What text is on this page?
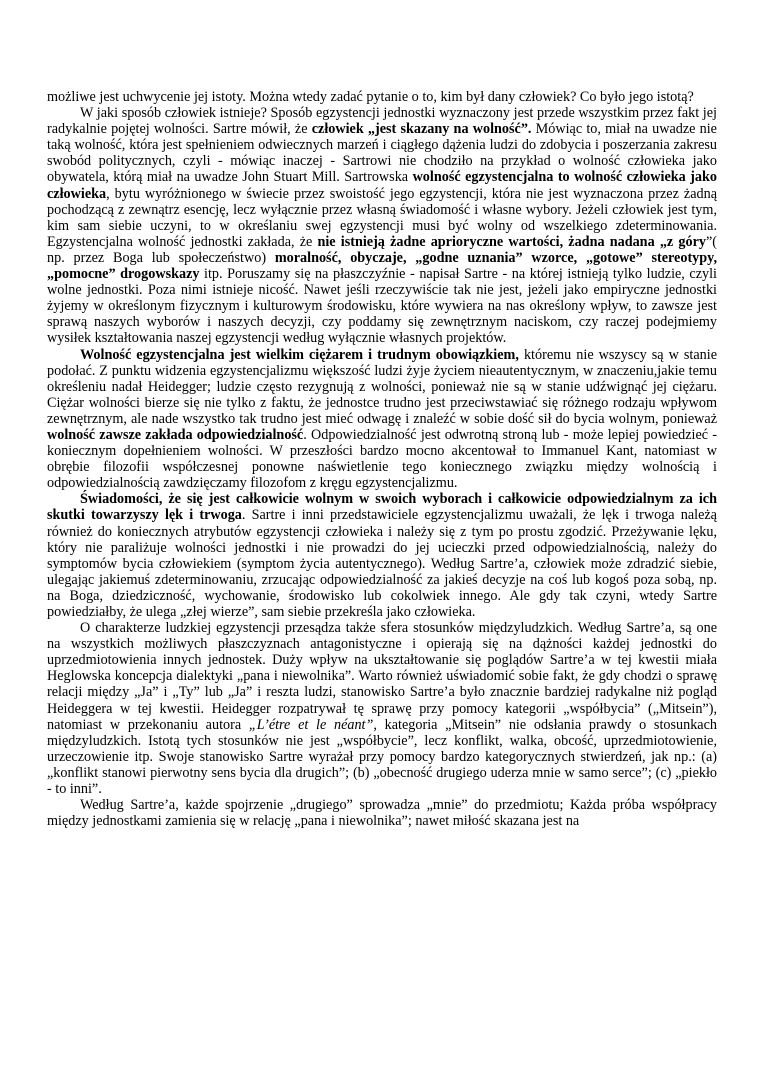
możliwe jest uchwycenie jej istoty. Można wtedy zadać pytanie o to, kim był dany człowiek? Co było jego istotą?

W jaki sposób człowiek istnieje? Sposób egzystencji jednostki wyznaczony jest przede wszystkim przez fakt jej radykalnie pojętej wolności. Sartre mówił, że człowiek „jest skazany na wolność”. Mówiąc to, miał na uwadze nie taką wolność, która jest spełnieniem odwiecznych marzeń i ciągłego dążenia ludzi do zdobycia i poszerzania zakresu swobód politycznych, czyli - mówiąc inaczej - Sartrowi nie chodziło na przykład o wolność człowieka jako obywatela, którą miał na uwadze John Stuart Mill. Sartrowska wolność egzystencjalna to wolność człowieka jako człowieka, bytu wyróżnionego w świecie przez swoistość jego egzystencji, która nie jest wyznaczona przez żadną pochodzącą z zewnątrz esencję, lecz wyłącznie przez własną świadomość i własne wybory. Jeżeli człowiek jest tym, kim sam siebie uczyni, to w określaniu swej egzystencji musi być wolny od wszelkiego zdeterminowania. Egzystencjalna wolność jednostki zakłada, że nie istnieją żadne aprioryczne wartości, żadna nadana „z góry”( np. przez Boga lub społeczeństwo) moralność, obyczaje, „godne uznania” wzorce, „gotowe” stereotypy, „pomocne” drogowskazy itp. Poruszamy się na płaszczyźnie - napisał Sartre - na której istnieją tylko ludzie, czyli wolne jednostki. Poza nimi istnieje nicość. Nawet jeśli rzeczywiście tak nie jest, jeżeli jako empiryczne jednostki żyjemy w określonym fizycznym i kulturowym środowisku, które wywiera na nas określony wpływ, to zawsze jest sprawą naszych wyborów i naszych decyzji, czy poddamy się zewnętrznym naciskom, czy raczej podejmiemy wysiłek kształtowania naszej egzystencji według wyłącznie własnych projektów.

Wolność egzystencjalna jest wielkim ciężarem i trudnym obowiązkiem, któremu nie wszyscy są w stanie podołać. Z punktu widzenia egzystencjalizmu większość ludzi żyje życiem nieautentycznym, w znaczeniu,jakie temu określeniu nadał Heidegger; ludzie często rezygnują z wolności, ponieważ nie są w stanie udźwignąć jej ciężaru. Ciężar wolności bierze się nie tylko z faktu, że jednostce trudno jest przeciwstawiać się różnego rodzaju wpływom zewnętrznym, ale nade wszystko tak trudno jest mieć odwagę i znaleźć w sobie dość sił do bycia wolnym, ponieważ wolność zawsze zakłada odpowiedzialność. Odpowiedzialność jest odwrotną stroną lub - może lepiej powiedzieć - koniecznym dopełnieniem wolności. W przeszłości bardzo mocno akcentował to Immanuel Kant, natomiast w obrębie filozofii współczesnej ponowne naświetlenie tego koniecznego związku między wolnością i odpowiedzialnością zawdzięczamy filozofom z kręgu egzystencjalizmu.

Świadomości, że się jest całkowicie wolnym w swoich wyborach i całkowicie odpowiedzialnym za ich skutki towarzyszy lęk i trwoga. Sartre i inni przedstawiciele egzystencjalizmu uważali, że lęk i trwoga należą również do koniecznych atrybutów egzystencji człowieka i należy się z tym po prostu zgodzić. Przeżywanie lęku, który nie paraliżuje wolności jednostki i nie prowadzi do jej ucieczki przed odpowiedzialnością, należy do symptomów bycia człowiekiem (symptom życia autentycznego). Według Sartre’a, człowiek może zdradzić siebie, ulegając jakiemuś zdeterminowaniu, zrzucając odpowiedzialność za jakieś decyzje na coś lub kogoś poza sobą, np. na Boga, dziedziczność, wychowanie, środowisko lub cokolwiek innego. Ale gdy tak czyni, wtedy Sartre powiedziałby, że ulega „złej wierze”, sam siebie przekreśla jako człowieka.

O charakterze ludzkiej egzystencji przesądza także sfera stosunków międzyludzkich. Według Sartre’a, są one na wszystkich możliwych płaszczyznach antagonistyczne i opierają się na dążności każdej jednostki do uprzedmiotowienia innych jednostek. Duży wpływ na ukształtowanie się poglądów Sartre’a w tej kwestii miała Heglowska koncepcja dialektyki „pana i niewolnika”. Warto również uświadomić sobie fakt, że gdy chodzi o sprawę relacji między „Ja” i „Ty” lub „Ja” i reszta ludzi, stanowisko Sartre’a było znacznie bardziej radykalne niż pogląd Heideggera w tej kwestii. Heidegger rozpatrywał tę sprawę przy pomocy kategorii „współbycia” („Mitsein”), natomiast w przekonaniu autora „L’étre et le néant”, kategoria „Mitsein” nie odsłania prawdy o stosunkach międzyludzkich. Istotą tych stosunków nie jest „współbycie”, lecz konflikt, walka, obcość, uprzedmiotowienie, urzeczowienie itp. Swoje stanowisko Sartre wyrażał przy pomocy bardzo kategorycznych stwierdzeń, jak np.: (a) „konflikt stanowi pierwotny sens bycia dla drugich”; (b) „obecność drugiego uderza mnie w samo serce”; (c) „piekło - to inni”.

Według Sartre’a, każde spojrzenie „drugiego” sprowadza „mnie” do przedmiotu; Każda próba współpracy między jednostkami zamienia się w relację „pana i niewolnika”; nawet miłość skazana jest na
